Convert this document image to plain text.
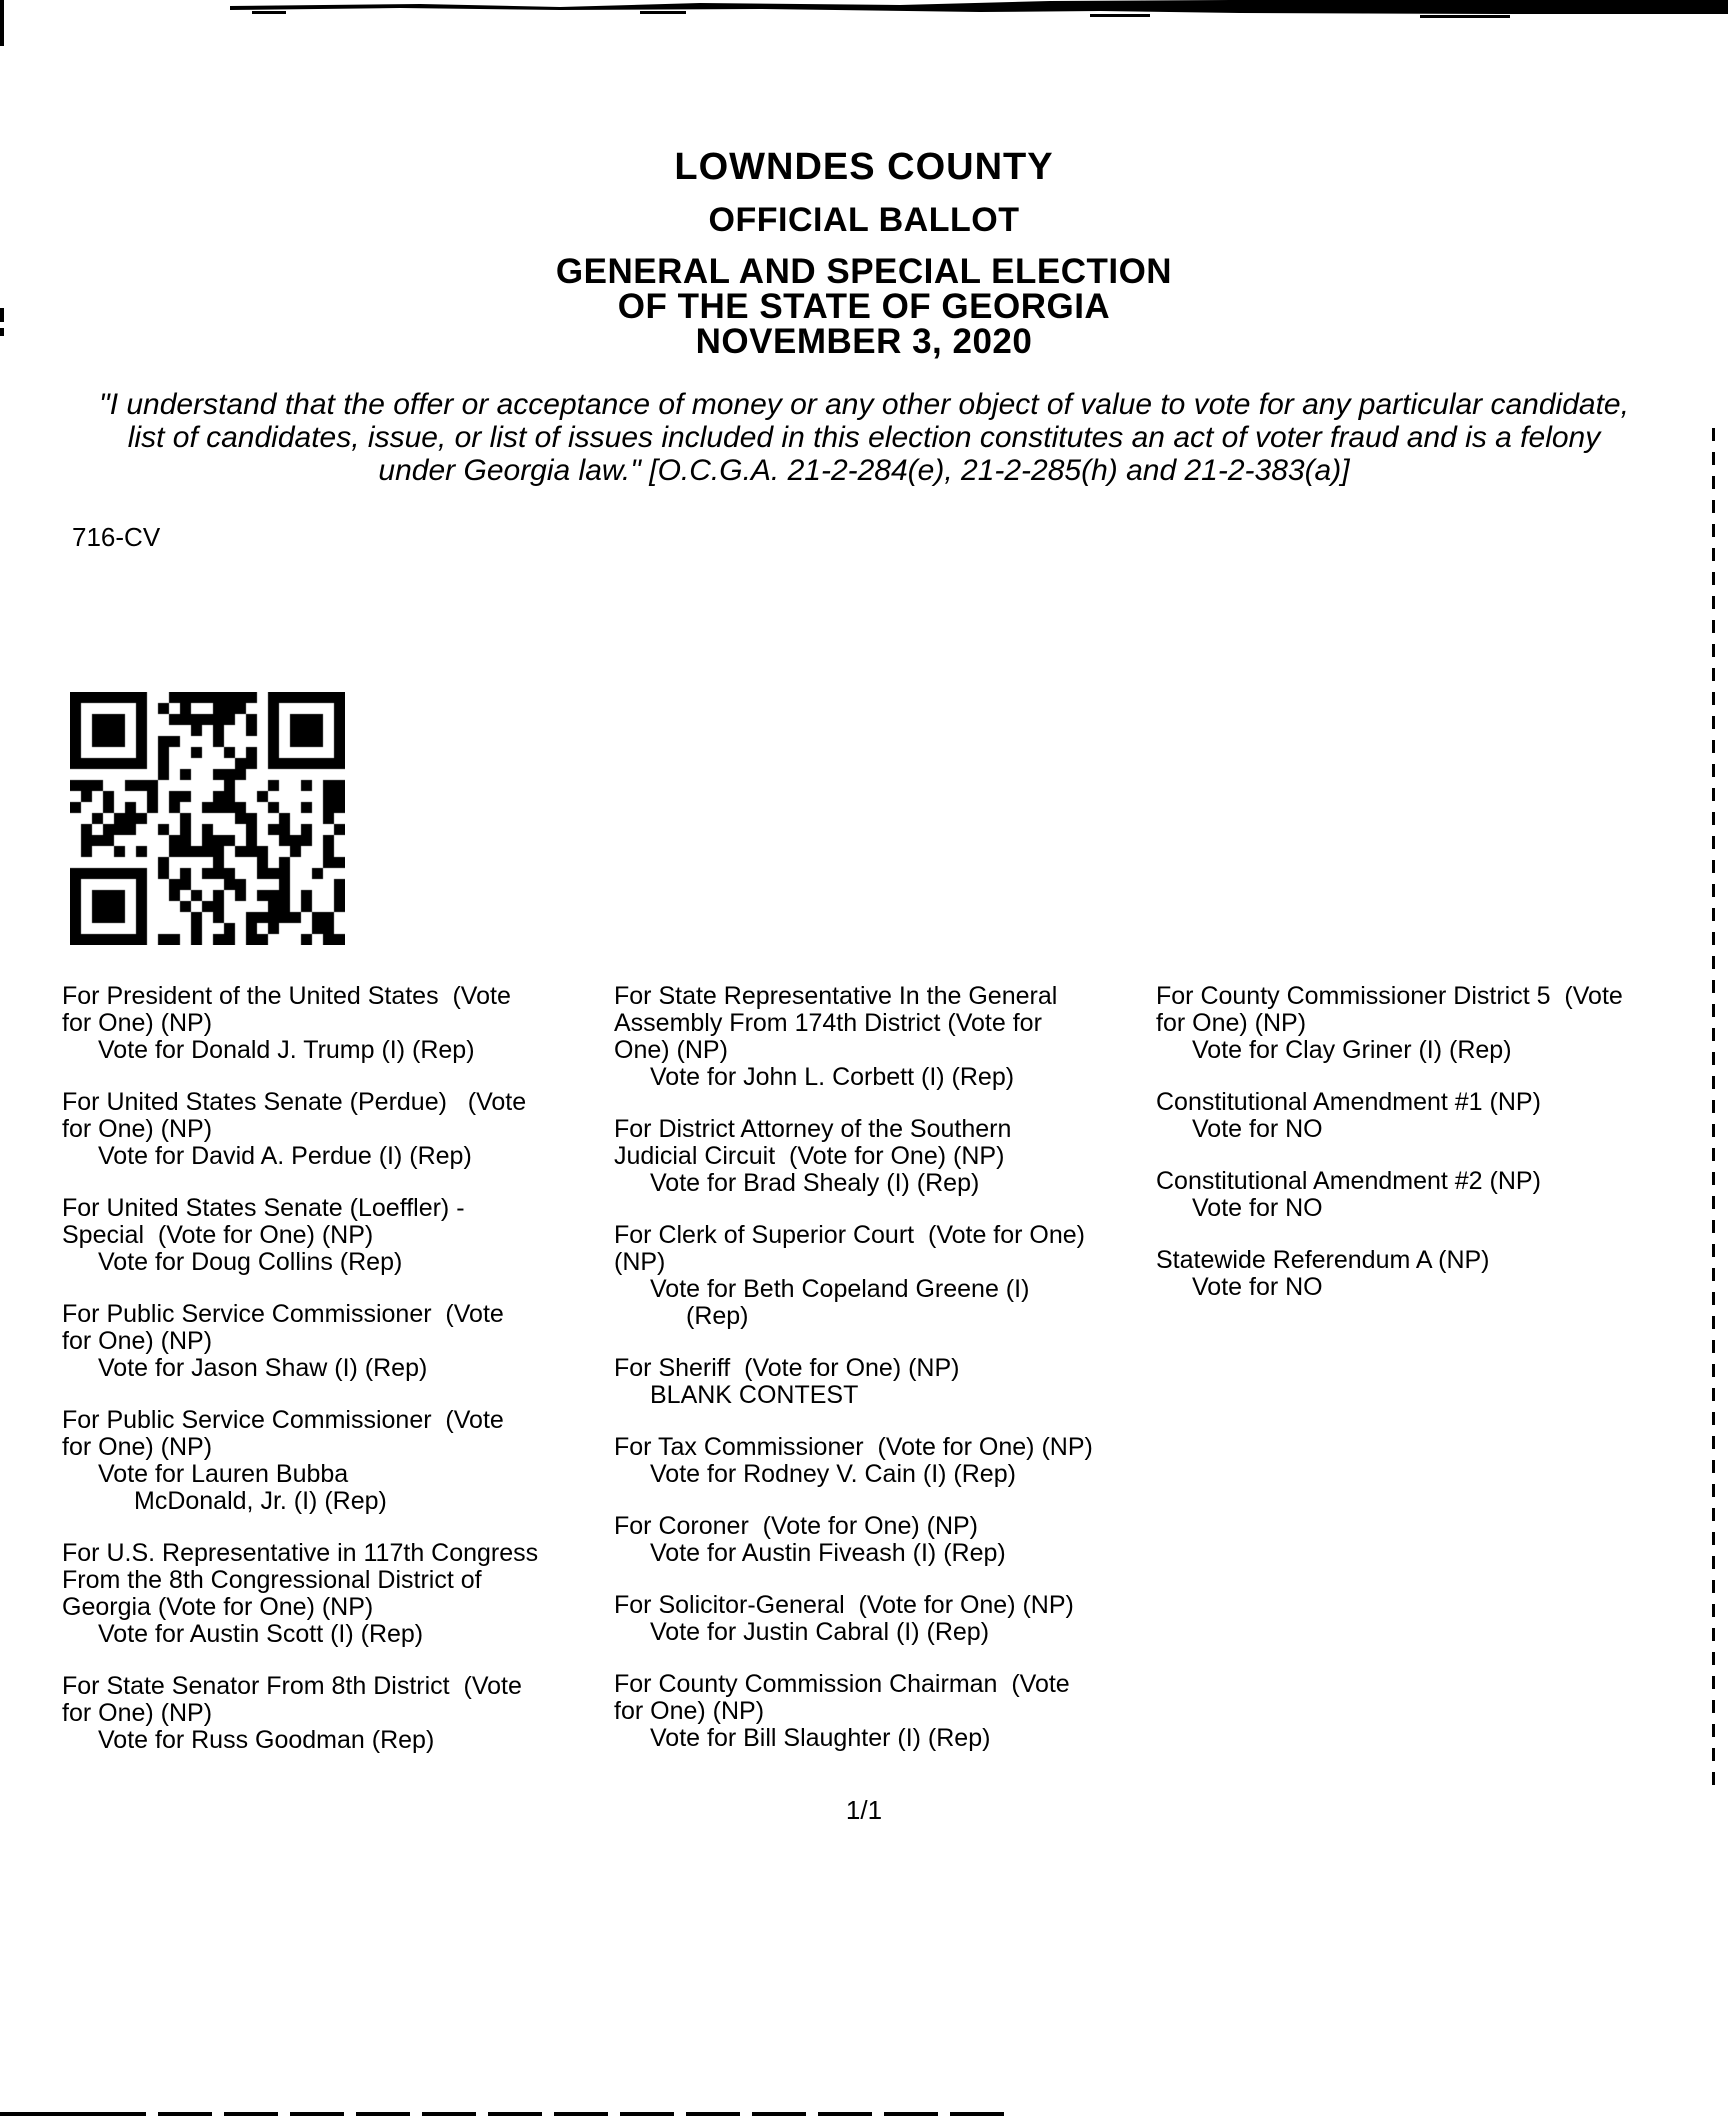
LOWNDES COUNTY
OFFICIAL BALLOT
GENERAL AND SPECIAL ELECTION
OF THE STATE OF GEORGIA
NOVEMBER 3, 2020
"I understand that the offer or acceptance of money or any other object of value to vote for any particular candidate,
list of candidates, issue, or list of issues included in this election constitutes an act of voter fraud and is a felony
under Georgia law." [O.C.G.A. 21-2-284(e), 21-2-285(h) and 21-2-383(a)]
716-CV
For President of the United States  (Vote
for One) (NP)
Vote for Donald J. Trump (I) (Rep)
For United States Senate (Perdue)   (Vote
for One) (NP)
Vote for David A. Perdue (I) (Rep)
For United States Senate (Loeffler) -
Special  (Vote for One) (NP)
Vote for Doug Collins (Rep)
For Public Service Commissioner  (Vote
for One) (NP)
Vote for Jason Shaw (I) (Rep)
For Public Service Commissioner  (Vote
for One) (NP)
Vote for Lauren Bubba
McDonald, Jr. (I) (Rep)
For U.S. Representative in 117th Congress
From the 8th Congressional District of
Georgia (Vote for One) (NP)
Vote for Austin Scott (I) (Rep)
For State Senator From 8th District  (Vote
for One) (NP)
Vote for Russ Goodman (Rep)
For State Representative In the General
Assembly From 174th District (Vote for
One) (NP)
Vote for John L. Corbett (I) (Rep)
For District Attorney of the Southern
Judicial Circuit  (Vote for One) (NP)
Vote for Brad Shealy (I) (Rep)
For Clerk of Superior Court  (Vote for One)
(NP)
Vote for Beth Copeland Greene (I)
(Rep)
For Sheriff  (Vote for One) (NP)
BLANK CONTEST
For Tax Commissioner  (Vote for One) (NP)
Vote for Rodney V. Cain (I) (Rep)
For Coroner  (Vote for One) (NP)
Vote for Austin Fiveash (I) (Rep)
For Solicitor-General  (Vote for One) (NP)
Vote for Justin Cabral (I) (Rep)
For County Commission Chairman  (Vote
for One) (NP)
Vote for Bill Slaughter (I) (Rep)
For County Commissioner District 5  (Vote
for One) (NP)
Vote for Clay Griner (I) (Rep)
Constitutional Amendment #1 (NP)
Vote for NO
Constitutional Amendment #2 (NP)
Vote for NO
Statewide Referendum A (NP)
Vote for NO
1/1
